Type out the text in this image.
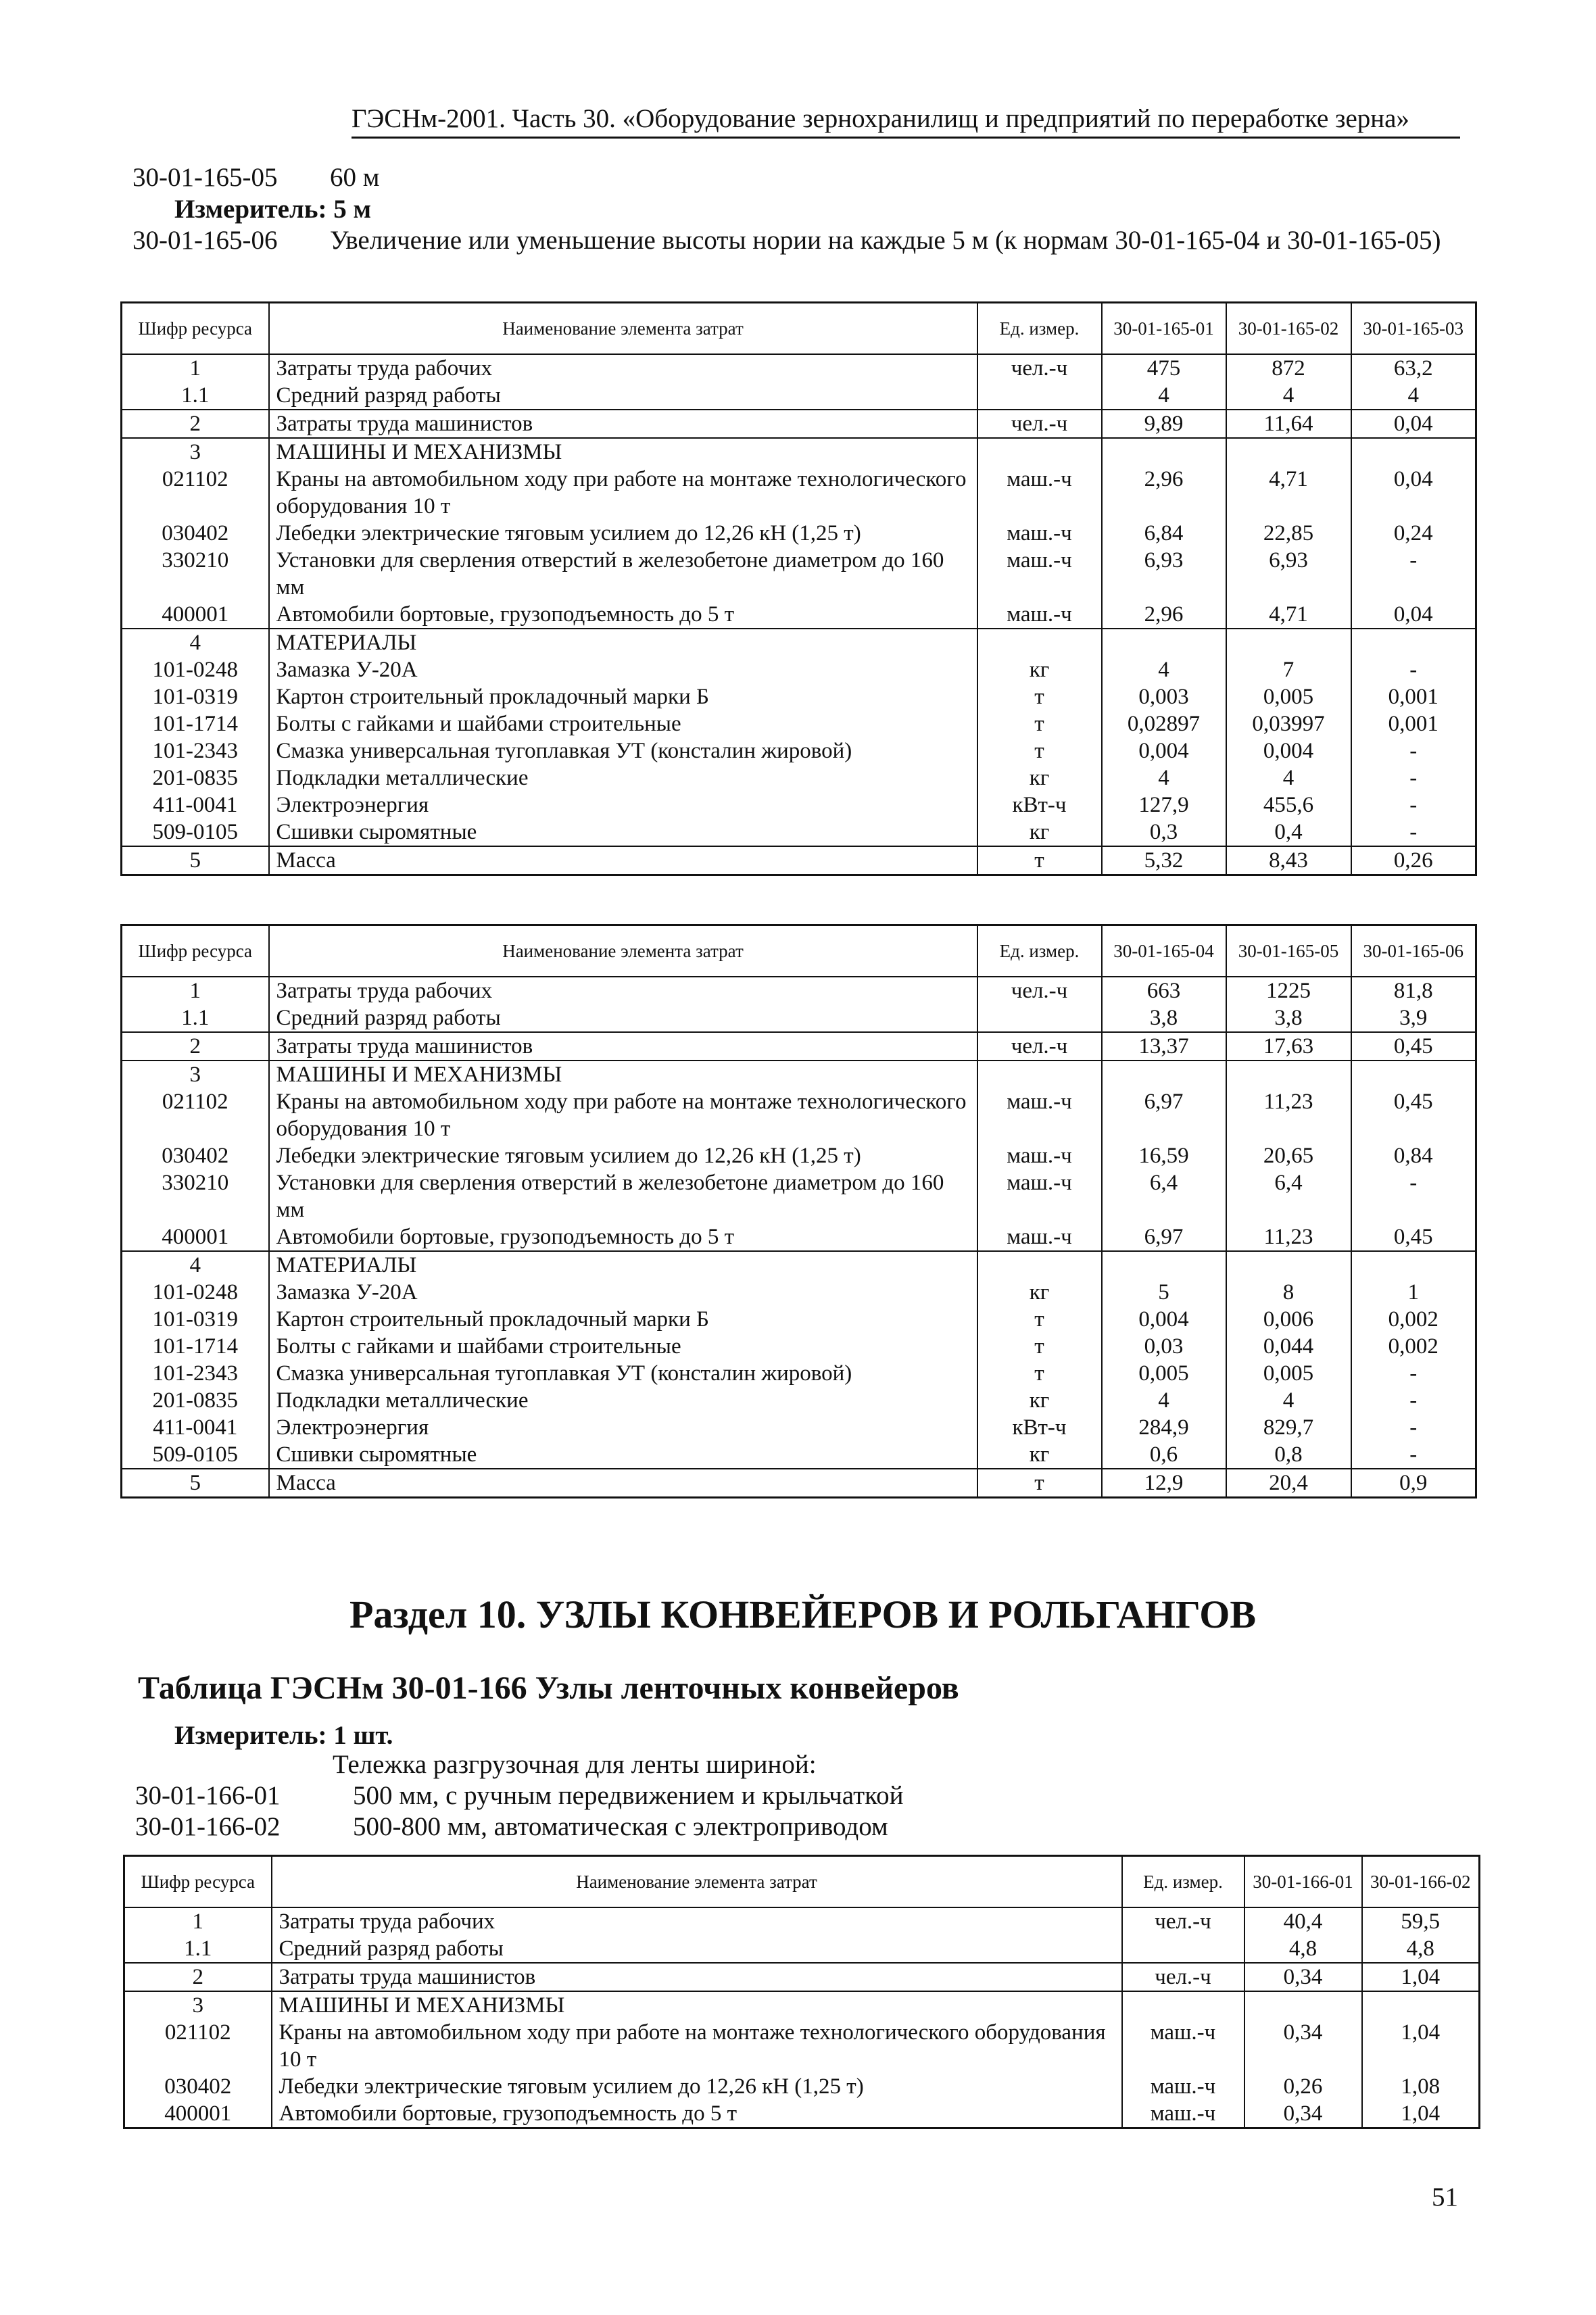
ГЭСНм-2001. Часть 30. «Оборудование зернохранилищ и предприятий по переработке зерна»
30-01-165-05 60 м
Измеритель: 5 м
30-01-165-06 Увеличение или уменьшение высоты нории на каждые 5 м (к нормам 30-01-165-04 и 30-01-165-05)
Шифр ресурса	Наименование элемента затрат	Ед. измер.	30-01-165-01	30-01-165-02	30-01-165-03
1	Затраты труда рабочих	чел.-ч	475	872	63,2
1.1	Средний разряд работы		4	4	4
2	Затраты труда машинистов	чел.-ч	9,89	11,64	0,04
3	МАШИНЫ И МЕХАНИЗМЫ				
021102	Краны на автомобильном ходу при работе на монтаже технологического оборудования 10 т	маш.-ч	2,96	4,71	0,04
030402	Лебедки электрические тяговым усилием до 12,26 кН (1,25 т)	маш.-ч	6,84	22,85	0,24
330210	Установки для сверления отверстий в железобетоне диаметром до 160 мм	маш.-ч	6,93	6,93	-
400001	Автомобили бортовые, грузоподъемность до 5 т	маш.-ч	2,96	4,71	0,04
4	МАТЕРИАЛЫ				
101-0248	Замазка У-20А	кг	4	7	-
101-0319	Картон строительный прокладочный марки Б	т	0,003	0,005	0,001
101-1714	Болты с гайками и шайбами строительные	т	0,02897	0,03997	0,001
101-2343	Смазка универсальная тугоплавкая УТ (консталин жировой)	т	0,004	0,004	-
201-0835	Подкладки металлические	кг	4	4	-
411-0041	Электроэнергия	кВт-ч	127,9	455,6	-
509-0105	Сшивки сыромятные	кг	0,3	0,4	-
5	Масса	т	5,32	8,43	0,26
Шифр ресурса	Наименование элемента затрат	Ед. измер.	30-01-165-04	30-01-165-05	30-01-165-06
1	Затраты труда рабочих	чел.-ч	663	1225	81,8
1.1	Средний разряд работы		3,8	3,8	3,9
2	Затраты труда машинистов	чел.-ч	13,37	17,63	0,45
3	МАШИНЫ И МЕХАНИЗМЫ				
021102	Краны на автомобильном ходу при работе на монтаже технологического оборудования 10 т	маш.-ч	6,97	11,23	0,45
030402	Лебедки электрические тяговым усилием до 12,26 кН (1,25 т)	маш.-ч	16,59	20,65	0,84
330210	Установки для сверления отверстий в железобетоне диаметром до 160 мм	маш.-ч	6,4	6,4	-
400001	Автомобили бортовые, грузоподъемность до 5 т	маш.-ч	6,97	11,23	0,45
4	МАТЕРИАЛЫ				
101-0248	Замазка У-20А	кг	5	8	1
101-0319	Картон строительный прокладочный марки Б	т	0,004	0,006	0,002
101-1714	Болты с гайками и шайбами строительные	т	0,03	0,044	0,002
101-2343	Смазка универсальная тугоплавкая УТ (консталин жировой)	т	0,005	0,005	-
201-0835	Подкладки металлические	кг	4	4	-
411-0041	Электроэнергия	кВт-ч	284,9	829,7	-
509-0105	Сшивки сыромятные	кг	0,6	0,8	-
5	Масса	т	12,9	20,4	0,9
Раздел 10. УЗЛЫ КОНВЕЙЕРОВ И РОЛЬГАНГОВ
Таблица ГЭСНм 30-01-166 Узлы ленточных конвейеров
Измеритель: 1 шт.
Тележка разгрузочная для ленты шириной:
30-01-166-01	500 мм, с ручным передвижением и крыльчаткой
30-01-166-02	500-800 мм, автоматическая с электроприводом
Шифр ресурса	Наименование элемента затрат	Ед. измер.	30-01-166-01	30-01-166-02
1	Затраты труда рабочих	чел.-ч	40,4	59,5
1.1	Средний разряд работы		4,8	4,8
2	Затраты труда машинистов	чел.-ч	0,34	1,04
3	МАШИНЫ И МЕХАНИЗМЫ			
021102	Краны на автомобильном ходу при работе на монтаже технологического оборудования 10 т	маш.-ч	0,34	1,04
030402	Лебедки электрические тяговым усилием до 12,26 кН (1,25 т)	маш.-ч	0,26	1,08
400001	Автомобили бортовые, грузоподъемность до 5 т	маш.-ч	0,34	1,04
51
